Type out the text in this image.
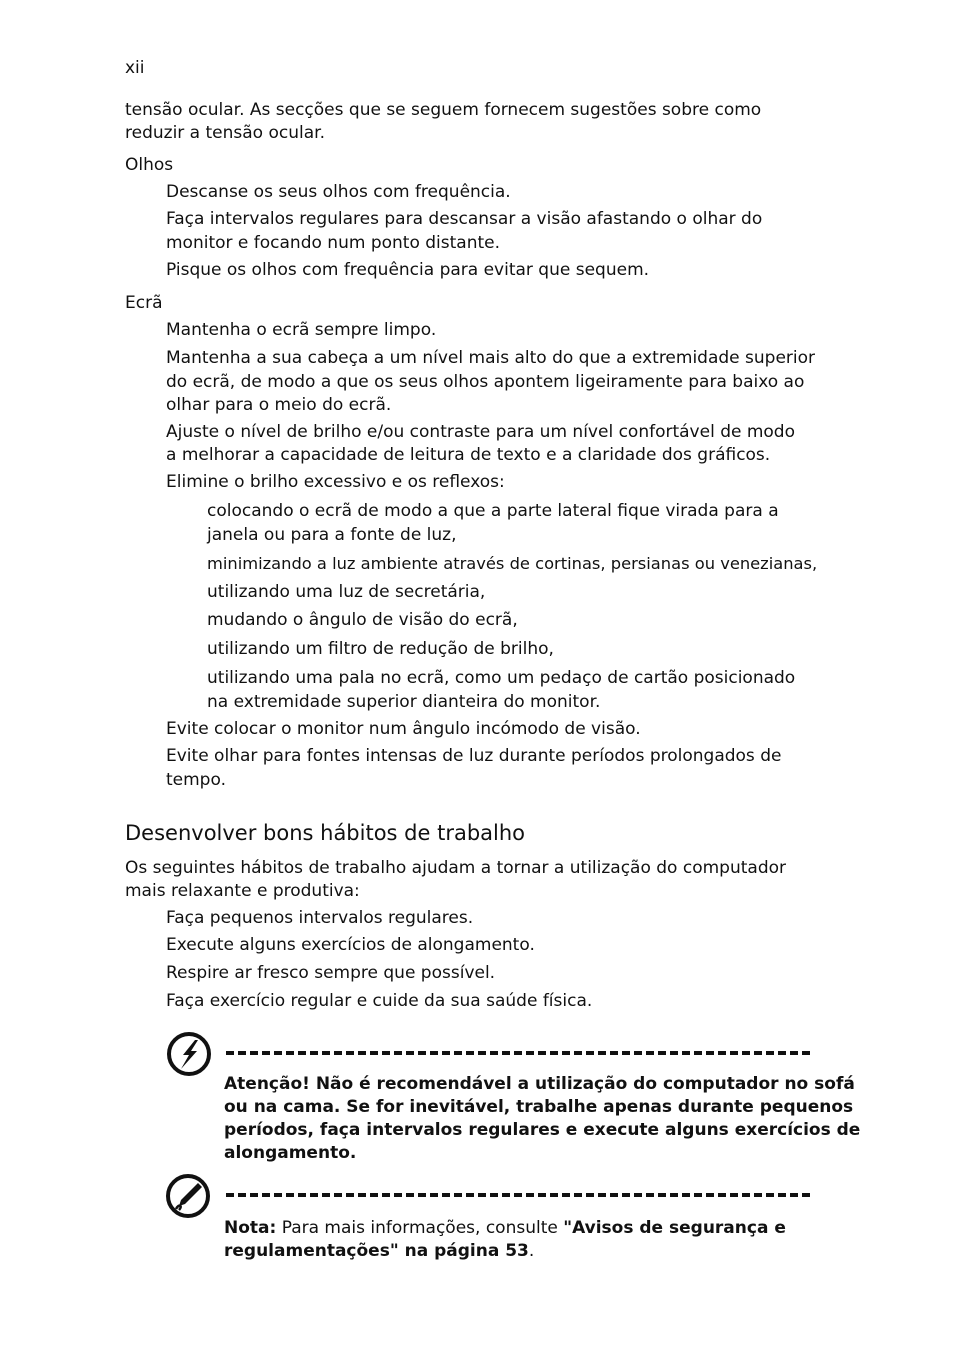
xii
tensão ocular. As secções que se seguem fornecem sugestões sobre como
reduzir a tensão ocular.
Olhos
Descanse os seus olhos com frequência.
Faça intervalos regulares para descansar a visão afastando o olhar do
monitor e focando num ponto distante.
Pisque os olhos com frequência para evitar que sequem.
Ecrã
Mantenha o ecrã sempre limpo.
Mantenha a sua cabeça a um nível mais alto do que a extremidade superior
do ecrã, de modo a que os seus olhos apontem ligeiramente para baixo ao
olhar para o meio do ecrã.
Ajuste o nível de brilho e/ou contraste para um nível confortável de modo
a melhorar a capacidade de leitura de texto e a claridade dos gráficos.
Elimine o brilho excessivo e os reflexos:
colocando o ecrã de modo a que a parte lateral fique virada para a
janela ou para a fonte de luz,
minimizando a luz ambiente através de cortinas, persianas ou venezianas,
utilizando uma luz de secretária,
mudando o ângulo de visão do ecrã,
utilizando um filtro de redução de brilho,
utilizando uma pala no ecrã, como um pedaço de cartão posicionado
na extremidade superior dianteira do monitor.
Evite colocar o monitor num ângulo incómodo de visão.
Evite olhar para fontes intensas de luz durante períodos prolongados de
tempo.
Desenvolver bons hábitos de trabalho
Os seguintes hábitos de trabalho ajudam a tornar a utilização do computador
mais relaxante e produtiva:
Faça pequenos intervalos regulares.
Execute alguns exercícios de alongamento.
Respire ar fresco sempre que possível.
Faça exercício regular e cuide da sua saúde física.
Atenção! Não é recomendável a utilização do computador no sofá
ou na cama. Se for inevitável, trabalhe apenas durante pequenos
períodos, faça intervalos regulares e execute alguns exercícios de
alongamento.
Nota: Para mais informações, consulte "Avisos de segurança e
regulamentações" na página 53.
